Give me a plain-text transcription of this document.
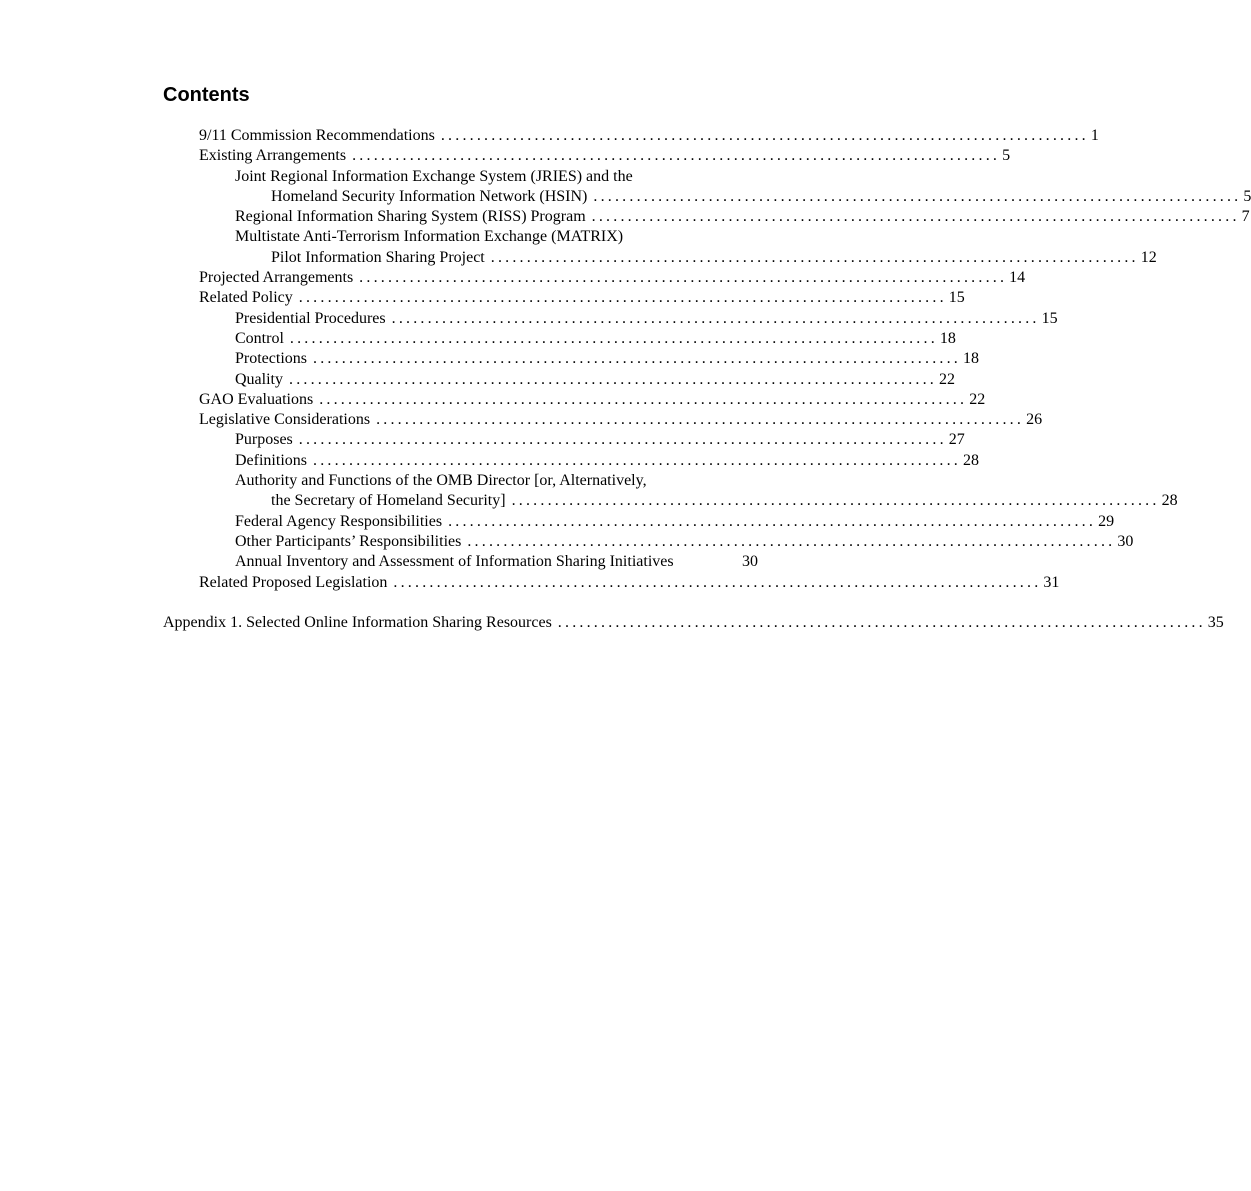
Contents
9/11 Commission Recommendations .......................................................................................... 1
Existing Arrangements .......................................................................................... 5
Joint Regional Information Exchange System (JRIES) and the
Homeland Security Information Network (HSIN) .......................................................................................... 5
Regional Information Sharing System (RISS) Program .......................................................................................... 7
Multistate Anti-Terrorism Information Exchange (MATRIX)
Pilot Information Sharing Project .......................................................................................... 12
Projected Arrangements .......................................................................................... 14
Related Policy .......................................................................................... 15
Presidential Procedures .......................................................................................... 15
Control .......................................................................................... 18
Protections .......................................................................................... 18
Quality .......................................................................................... 22
GAO Evaluations .......................................................................................... 22
Legislative Considerations .......................................................................................... 26
Purposes .......................................................................................... 27
Definitions .......................................................................................... 28
Authority and Functions of the OMB Director [or, Alternatively,
the Secretary of Homeland Security] .......................................................................................... 28
Federal Agency Responsibilities .......................................................................................... 29
Other Participants’ Responsibilities .......................................................................................... 30
Annual Inventory and Assessment of Information Sharing Initiatives	30
Related Proposed Legislation .......................................................................................... 31
Appendix 1. Selected Online Information Sharing Resources .......................................................................................... 35
